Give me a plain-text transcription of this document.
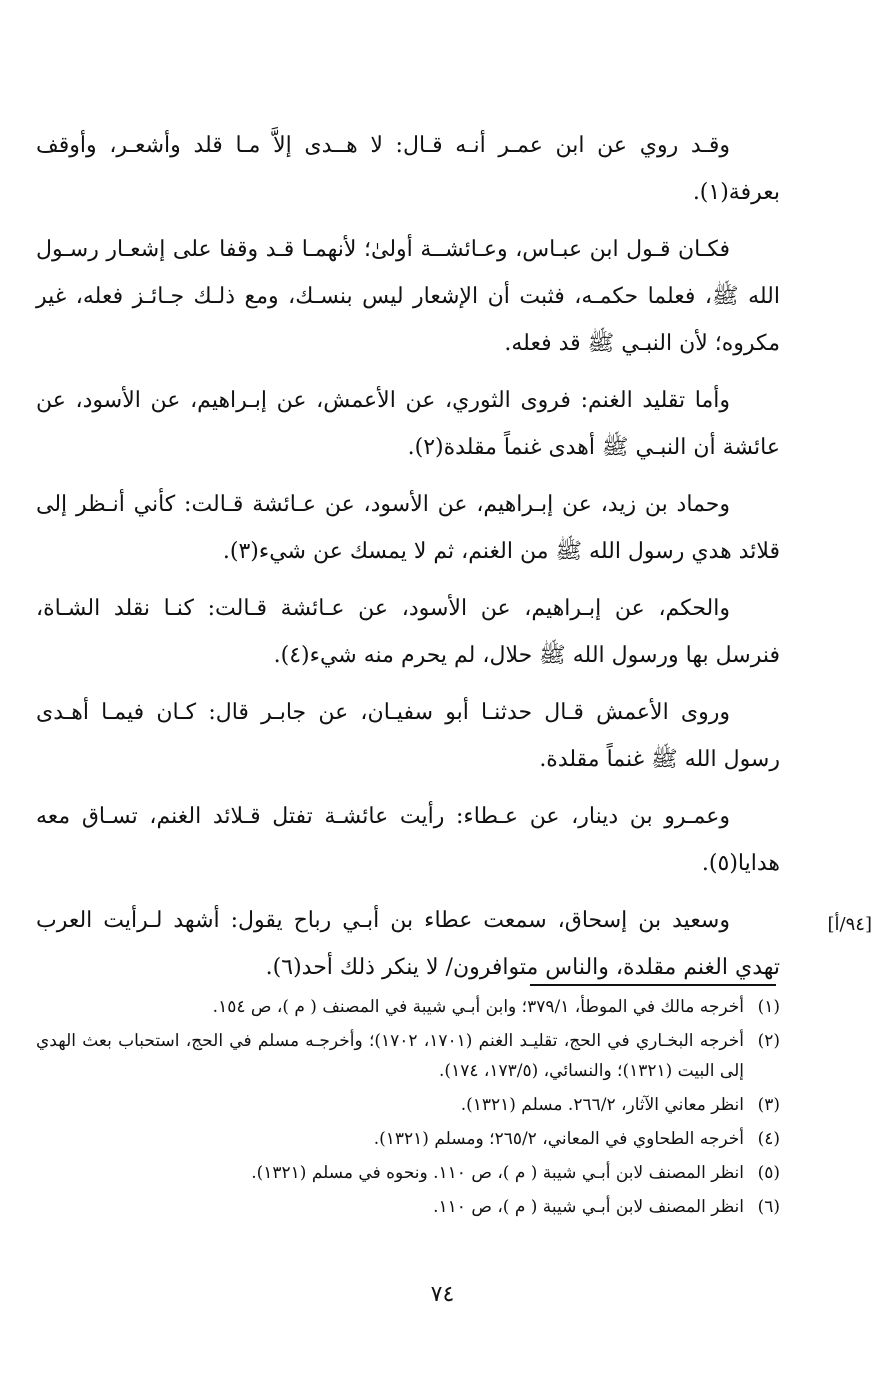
وقـد روي عن ابن عمـر أنـه قـال: لا هــدى إلاَّ مـا قلد وأشعـر، وأوقف بعرفة(١).

فكـان قـول ابن عبـاس، وعـائشــة أولىٰ؛ لأنهمـا قـد وقفا على إشعـار رسـول الله ﷺ، فعلما حكمـه، فثبت أن الإشعار ليس بنسـك، ومع ذلـك جـائـز فعله، غير مكروه؛ لأن النبـي ﷺ قد فعله.

وأما تقليد الغنم: فروى الثوري، عن الأعمش، عن إبـراهيم، عن الأسود، عن عائشة أن النبـي ﷺ أهدى غنماً مقلدة(٢).

وحماد بن زيد، عن إبـراهيم، عن الأسود، عن عـائشة قـالت: كأني أنـظر إلى قلائد هدي رسول الله ﷺ من الغنم، ثم لا يمسك عن شيء(٣).

والحكم، عن إبـراهيم، عن الأسود، عن عـائشة قـالت: كنـا نقلد الشـاة، فنرسل بها ورسول الله ﷺ حلال، لم يحرم منه شيء(٤).

وروى الأعمش قـال حدثنـا أبو سفيـان، عن جابـر قال: كـان فيمـا أهـدى رسول الله ﷺ غنماً مقلدة.

وعمـرو بن دينار، عن عـطاء: رأيت عائشـة تفتل قـلائد الغنم، تسـاق معه هدايا(٥).

وسعيد بن إسحاق، سمعت عطاء بن أبـي رباح يقول: أشهد لـرأيت العرب تهدي الغنم مقلدة، والناس متوافرون/ لا ينكر ذلك أحد(٦).

[٩٤/أ]
(١)
أخرجه مالك في الموطأ، ٣٧٩/١؛ وابن أبـي شيبة في المصنف ( م )، ص ١٥٤.
(٢)
أخرجه البخـاري في الحج، تقليـد الغنم (١٧٠١، ١٧٠٢)؛ وأخرجـه مسلم في الحج، استحباب بعث الهدي إلى البيت (١٣٢١)؛ والنسائي، (١٧٣/٥، ١٧٤).
(٣)
انظر معاني الآثار، ٢٦٦/٢. مسلم (١٣٢١).
(٤)
أخرجه الطحاوي في المعاني، ٢٦٥/٢؛ ومسلم (١٣٢١).
(٥)
انظر المصنف لابن أبـي شيبة ( م )، ص ١١٠. ونحوه في مسلم (١٣٢١).
(٦)
انظر المصنف لابن أبـي شيبة ( م )، ص ١١٠.
٧٤
